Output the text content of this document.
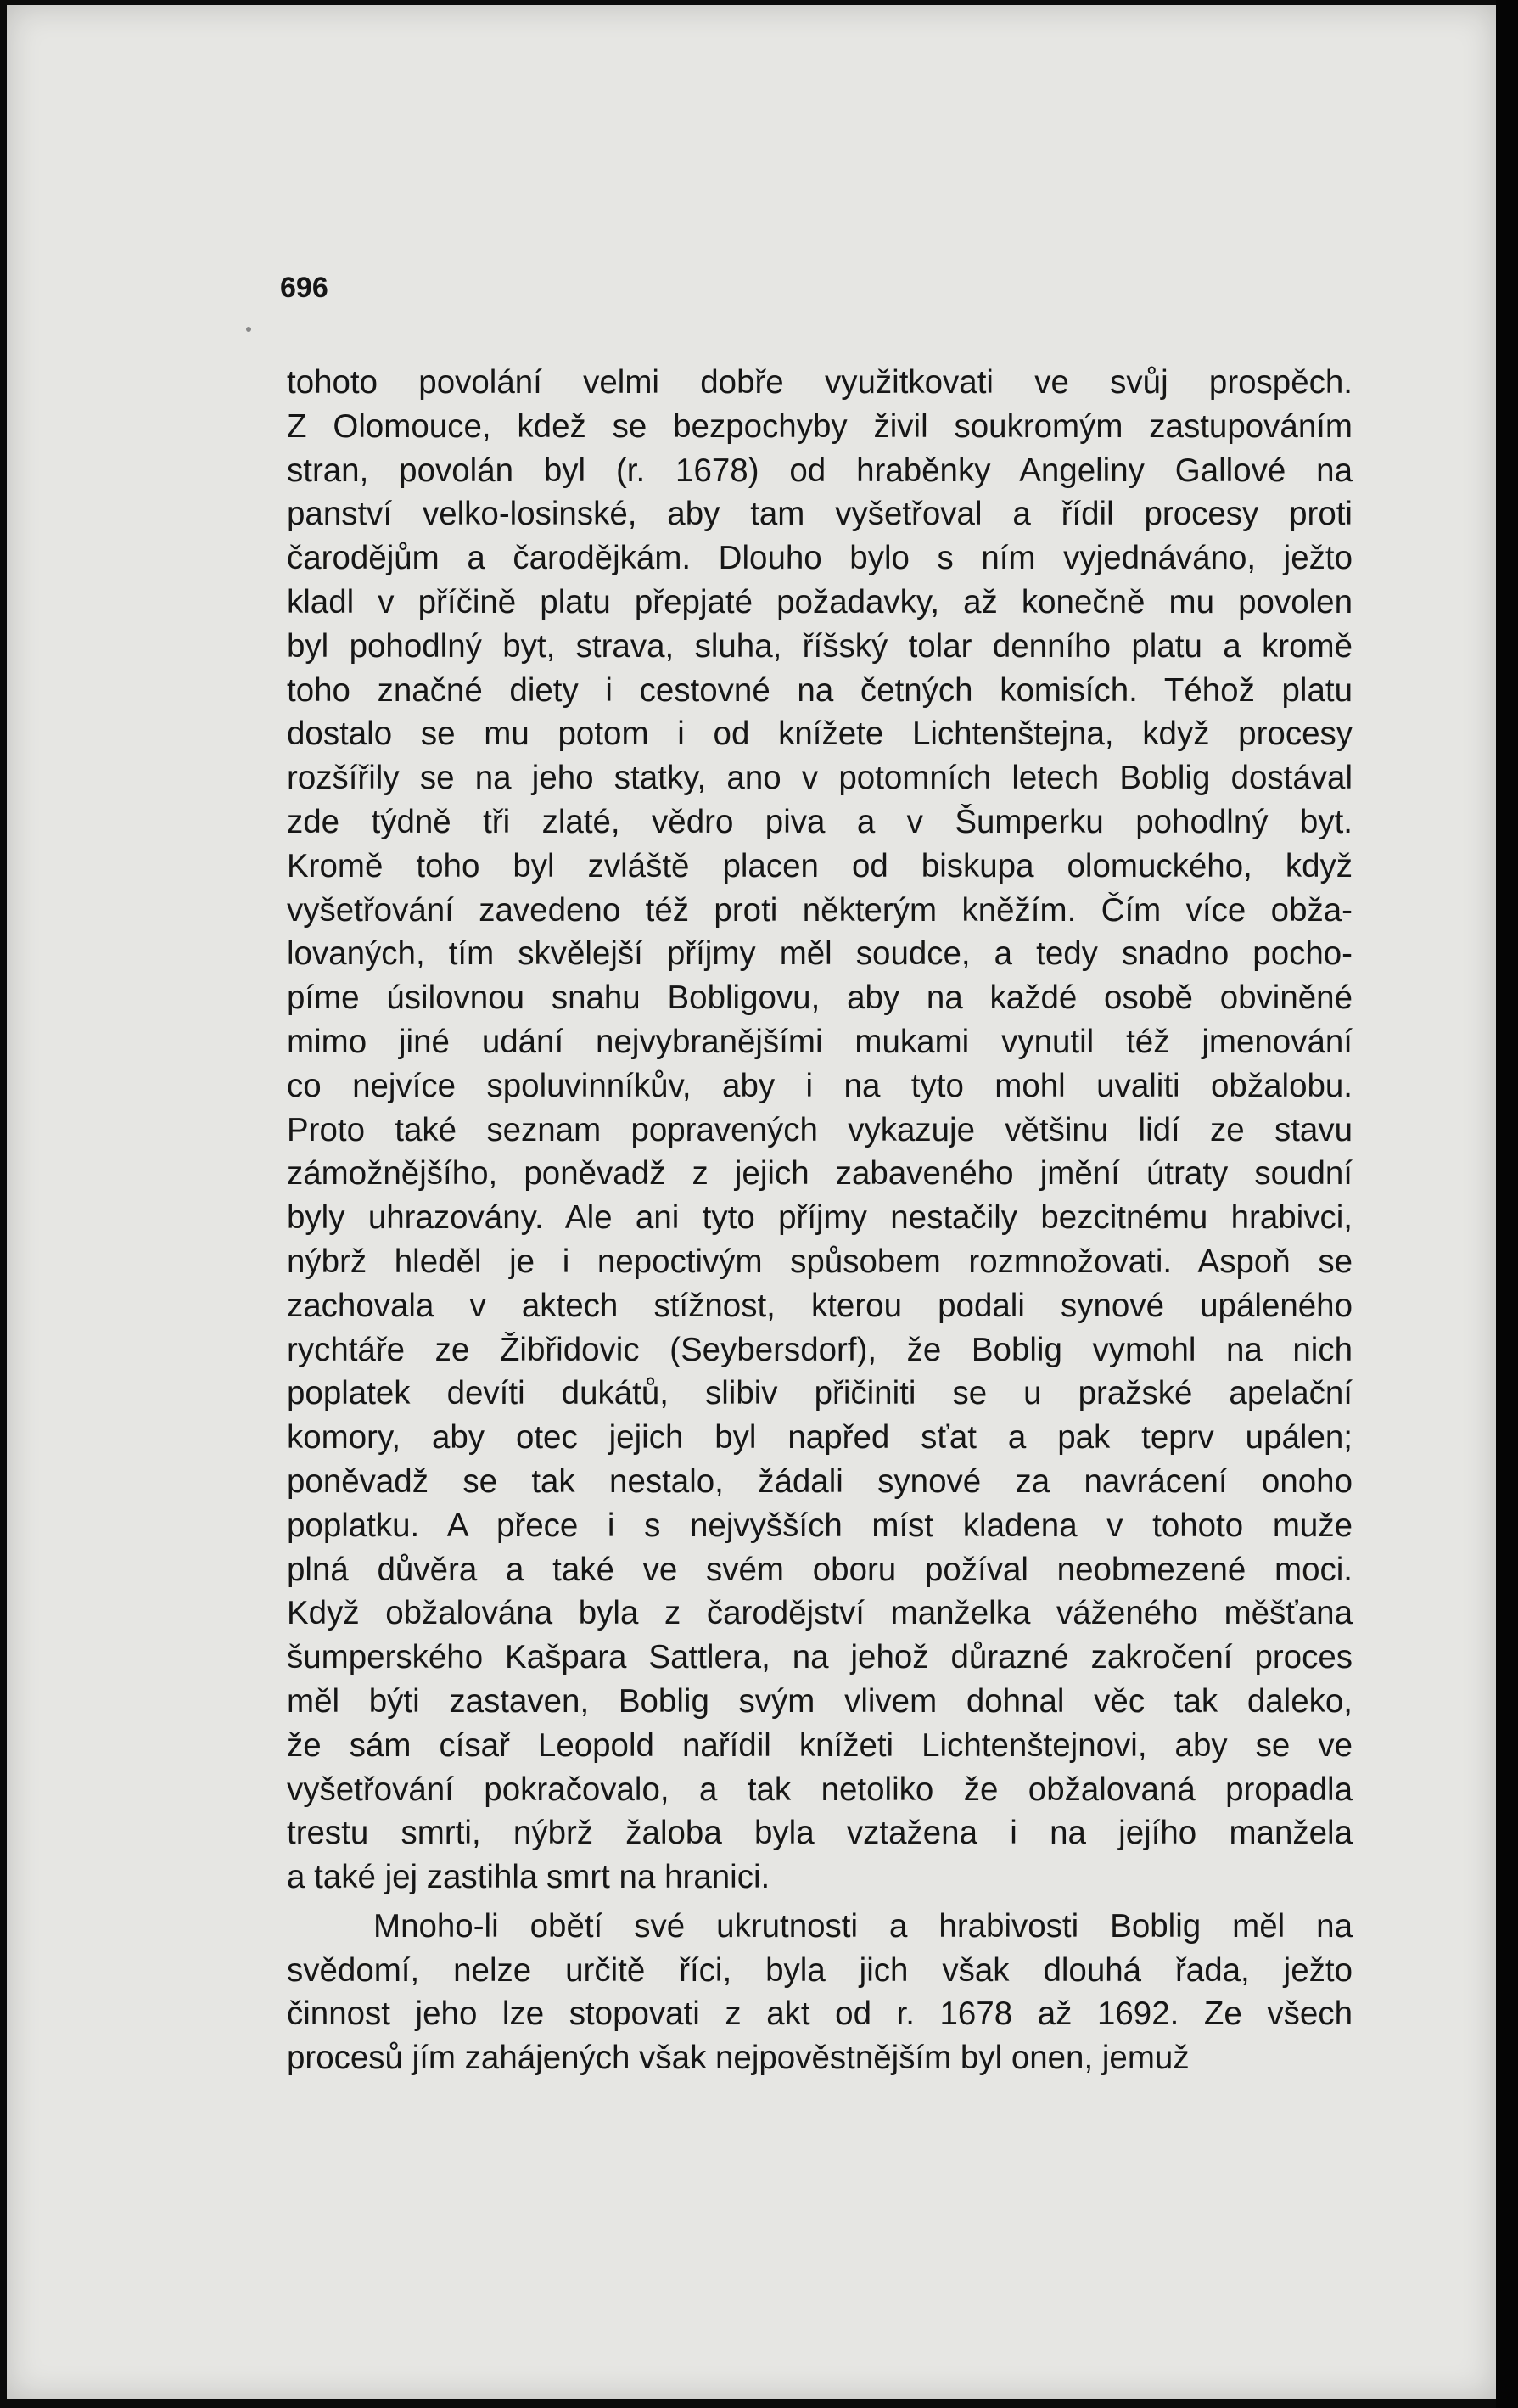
696
tohoto povolání velmi dobře využitkovati ve svůj prospěch.
Z Olomouce, kdež se bezpochyby živil soukromým zastupováním
stran, povolán byl (r. 1678) od hraběnky Angeliny Gallové na
panství velko-losinské, aby tam vyšetřoval a řídil procesy proti
čarodějům a čarodějkám. Dlouho bylo s ním vyjednáváno, ježto
kladl v příčině platu přepjaté požadavky, až konečně mu povolen
byl pohodlný byt, strava, sluha, říšský tolar denního platu a kromě
toho značné diety i cestovné na četných komisích. Téhož platu
dostalo se mu potom i od knížete Lichtenštejna, když procesy
rozšířily se na jeho statky, ano v potomních letech Boblig dostával
zde týdně tři zlaté, vědro piva a v Šumperku pohodlný byt.
Kromě toho byl zvláště placen od biskupa olomuckého, když
vyšetřování zavedeno též proti některým kněžím. Čím více obža-
lovaných, tím skvělejší příjmy měl soudce, a tedy snadno pocho-
píme úsilovnou snahu Bobligovu, aby na každé osobě obviněné
mimo jiné udání nejvybranějšími mukami vynutil též jmenování
co nejvíce spoluvinníkův, aby i na tyto mohl uvaliti obžalobu.
Proto také seznam popravených vykazuje většinu lidí ze stavu
zámožnějšího, poněvadž z jejich zabaveného jmění útraty soudní
byly uhrazovány. Ale ani tyto příjmy nestačily bezcitnému hrabivci,
nýbrž hleděl je i nepoctivým spůsobem rozmnožovati. Aspoň se
zachovala v aktech stížnost, kterou podali synové upáleného
rychtáře ze Žibřidovic (Seybersdorf), že Boblig vymohl na nich
poplatek devíti dukátů, slibiv přičiniti se u pražské apelační
komory, aby otec jejich byl napřed sťat a pak teprv upálen;
poněvadž se tak nestalo, žádali synové za navrácení onoho
poplatku. A přece i s nejvyšších míst kladena v tohoto muže
plná důvěra a také ve svém oboru požíval neobmezené moci.
Když obžalována byla z čarodějství manželka váženého měšťana
šumperského Kašpara Sattlera, na jehož důrazné zakročení proces
měl býti zastaven, Boblig svým vlivem dohnal věc tak daleko,
že sám císař Leopold nařídil knížeti Lichtenštejnovi, aby se ve
vyšetřování pokračovalo, a tak netoliko že obžalovaná propadla
trestu smrti, nýbrž žaloba byla vztažena i na jejího manžela
a také jej zastihla smrt na hranici.
Mnoho-li obětí své ukrutnosti a hrabivosti Boblig měl na
svědomí, nelze určitě říci, byla jich však dlouhá řada, ježto
činnost jeho lze stopovati z akt od r. 1678 až 1692. Ze všech
procesů jím zahájených však nejpověstnějším byl onen, jemuž
